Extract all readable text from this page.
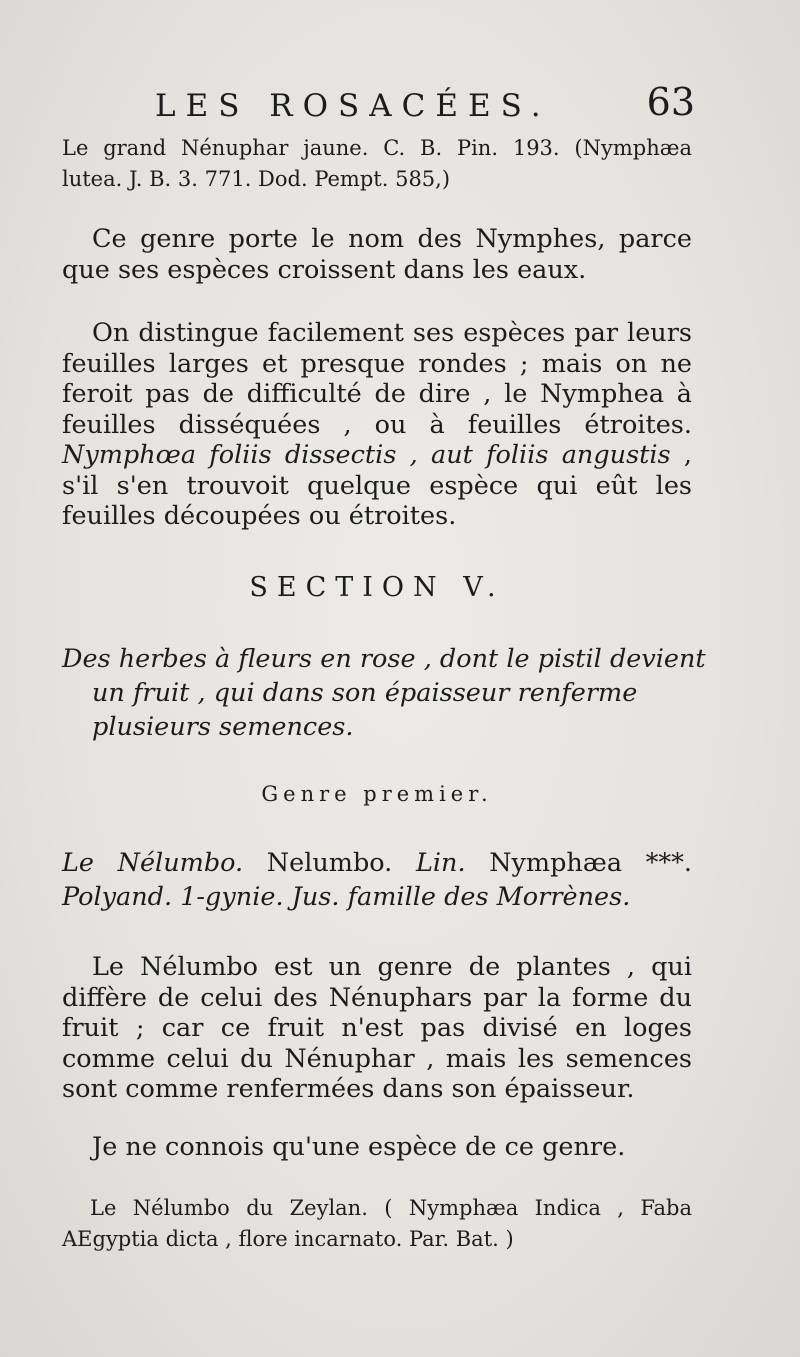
LES ROSACÉES.	63
Le grand Nénuphar jaune. C. B. Pin. 193. (Nymphæa lutea. J. B. 3. 771. Dod. Pempt. 585,)
Ce genre porte le nom des Nymphes, parce que ses espèces croissent dans les eaux.
On distingue facilement ses espèces par leurs feuilles larges et presque rondes ; mais on ne feroit pas de difficulté de dire , le Nymphea à feuilles disséquées , ou à feuilles étroites. Nymphœa foliis dissectis , aut foliis angustis , s'il s'en trouvoit quelque espèce qui eût les feuilles découpées ou étroites.
SECTION V.
Des herbes à fleurs en rose , dont le pistil devient un fruit , qui dans son épaisseur renferme plusieurs semences.
Genre premier.
Le Nélumbo. Nelumbo. Lin. Nymphæa ***. Polyand. 1-gynie. Jus. famille des Morrènes.
Le Nélumbo est un genre de plantes , qui diffère de celui des Nénuphars par la forme du fruit ; car ce fruit n'est pas divisé en loges comme celui du Nénuphar , mais les semences sont comme renfermées dans son épaisseur.
Je ne connois qu'une espèce de ce genre.
Le Nélumbo du Zeylan. ( Nymphæa Indica , Faba AEgyptia dicta , flore incarnato. Par. Bat. )
